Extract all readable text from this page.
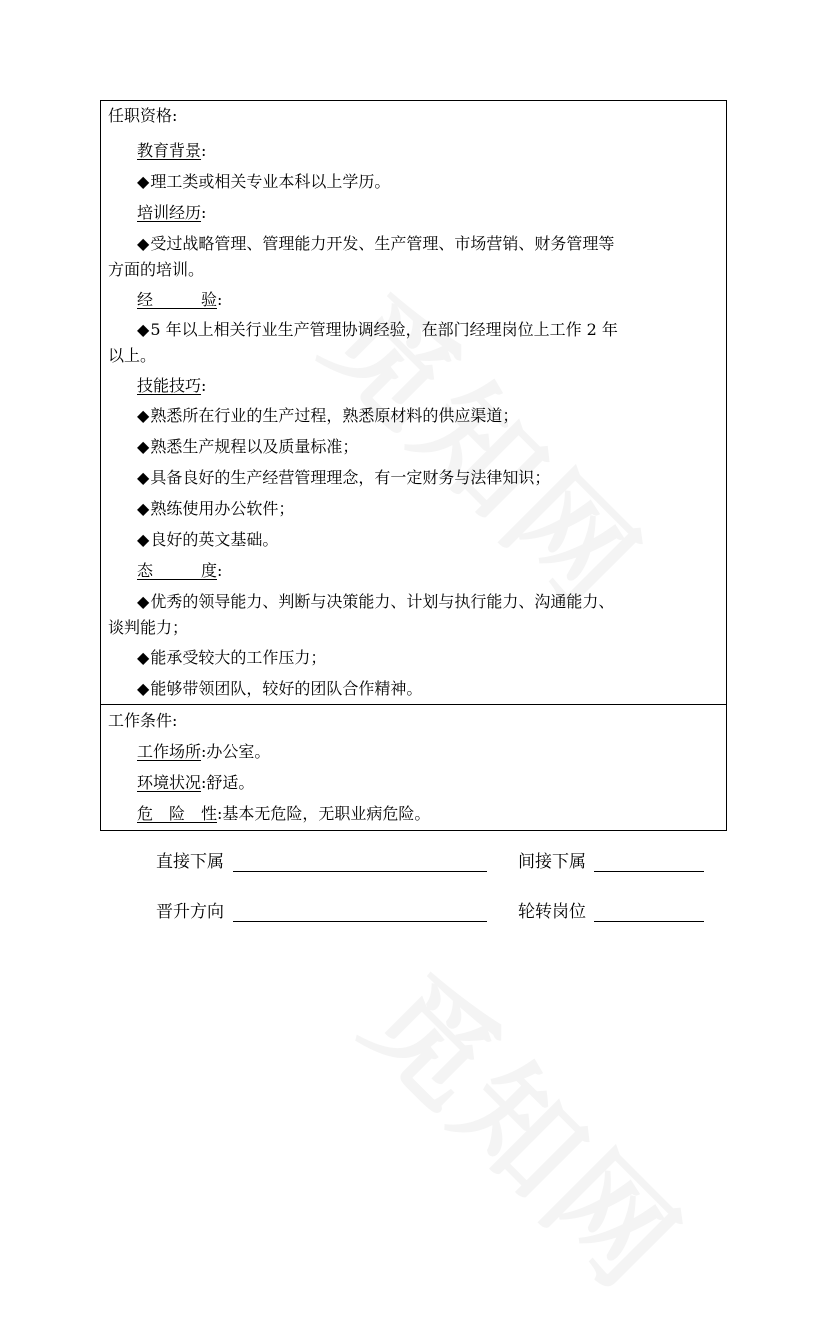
任职资格:
教育背景:
◆理工类或相关专业本科以上学历。
培训经历:
◆受过战略管理、管理能力开发、生产管理、市场营销、财务管理等
方面的培训。
经验:
◆5 年以上相关行业生产管理协调经验，在部门经理岗位上工作 2 年
以上。
技能技巧:
◆熟悉所在行业的生产过程，熟悉原材料的供应渠道；
◆熟悉生产规程以及质量标准；
◆具备良好的生产经营管理理念，有一定财务与法律知识；
◆熟练使用办公软件；
◆良好的英文基础。
态度:
◆优秀的领导能力、判断与决策能力、计划与执行能力、沟通能力、
谈判能力；
◆能承受较大的工作压力；
◆能够带领团队，较好的团队合作精神。
工作条件:
工作场所:办公室。
环境状况:舒适。
危险性:基本无危险，无职业病危险。
直接下属	间接下属
晋升方向	轮转岗位
